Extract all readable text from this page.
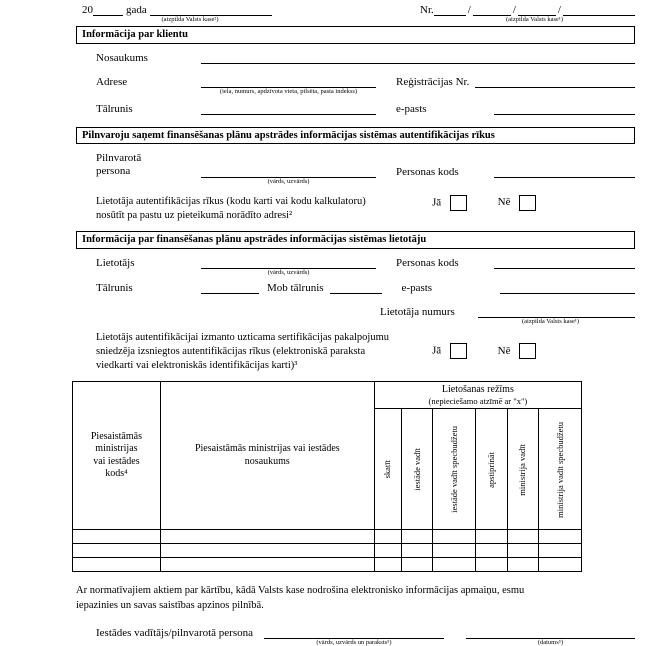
20	gada
(aizpilda Valsts kase²)
Nr.	/	/	/
(aizpilda Valsts kase¹)
Informācija par klientu
Nosaukums
Adrese	Reģistrācijas Nr.
(iela, numurs, apdzīvota vieta, pilsēta, pasta indekss)
Tālrunis	e-pasts
Pilnvaroju saņemt finansēšanas plānu apstrādes informācijas sistēmas autentifikācijas rīkus
Pilnvarotā
persona	Personas kods
(vārds, uzvārds)
Lietotāja autentifikācijas rīkus (kodu karti vai kodu kalkulatoru)
nosūtīt pa pastu uz pieteikumā norādīto adresi²
Jā	Nē
Informācija par finansēšanas plānu apstrādes informācijas sistēmas lietotāju
Lietotājs	Personas kods
(vārds, uzvārds)
Tālrunis	Mob tālrunis	e-pasts
Lietotāja numurs
(aizpilda Valsts kase¹)
Lietotājs autentifikācijai izmanto uzticama sertifikācijas pakalpojumu
sniedzēja izsniegtos autentifikācijas rīkus (elektroniskā paraksta
viedkarti vai elektroniskās identifikācijas karti)³
Jā	Nē
Piesaistāmās
ministrijas
vai iestādes
kods⁴

Piesaistāmās ministrijas vai iestādes
nosaukums

Lietošanas režīms
(nepieciešamo atzīmē ar "x")

		skatīt	iestāde vadīt	iestāde vadīt specbudžetu	apstiprināt	ministrija vadīt	ministrija vadīt specbudžetu

Ar normatīvajiem aktiem par kārtību, kādā Valsts kase nodrošina elektronisko informācijas apmaiņu, esmu
iepazinies un savas saistības apzinos pilnībā.
Iestādes vadītājs/pilnvarotā persona
(vārds, uzvārds un paraksts⁵)	(datums⁵)
